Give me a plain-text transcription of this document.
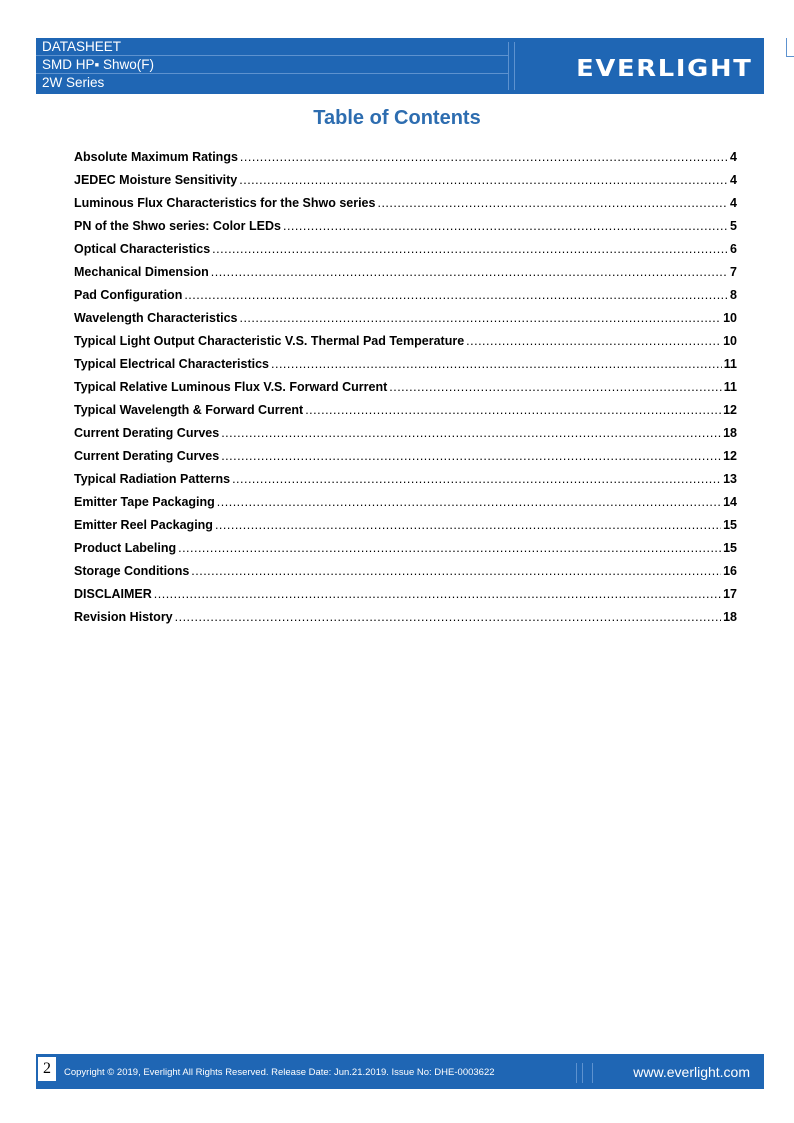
DATASHEET
SMD HP▪ Shwo(F)
2W Series
EVERLIGHT
Table of Contents
Absolute Maximum Ratings .....	4
JEDEC Moisture Sensitivity .....	4
Luminous Flux Characteristics for the Shwo series .....	4
PN of the Shwo series: Color LEDs .....	5
Optical Characteristics .....	6
Mechanical Dimension .....	7
Pad Configuration .....	8
Wavelength Characteristics .....	10
Typical Light Output Characteristic V.S. Thermal Pad Temperature .....	10
Typical Electrical Characteristics .....	11
Typical Relative Luminous Flux V.S. Forward Current .....	11
Typical Wavelength & Forward Current .....	12
Current Derating Curves .....	18
Current Derating Curves .....	12
Typical Radiation Patterns .....	13
Emitter Tape Packaging .....	14
Emitter Reel Packaging .....	15
Product Labeling .....	15
Storage Conditions .....	16
DISCLAIMER .....	17
Revision History .....	18
2	Copyright © 2019, Everlight All Rights Reserved. Release Date: Jun.21.2019. Issue No: DHE-0003622	www.everlight.com
